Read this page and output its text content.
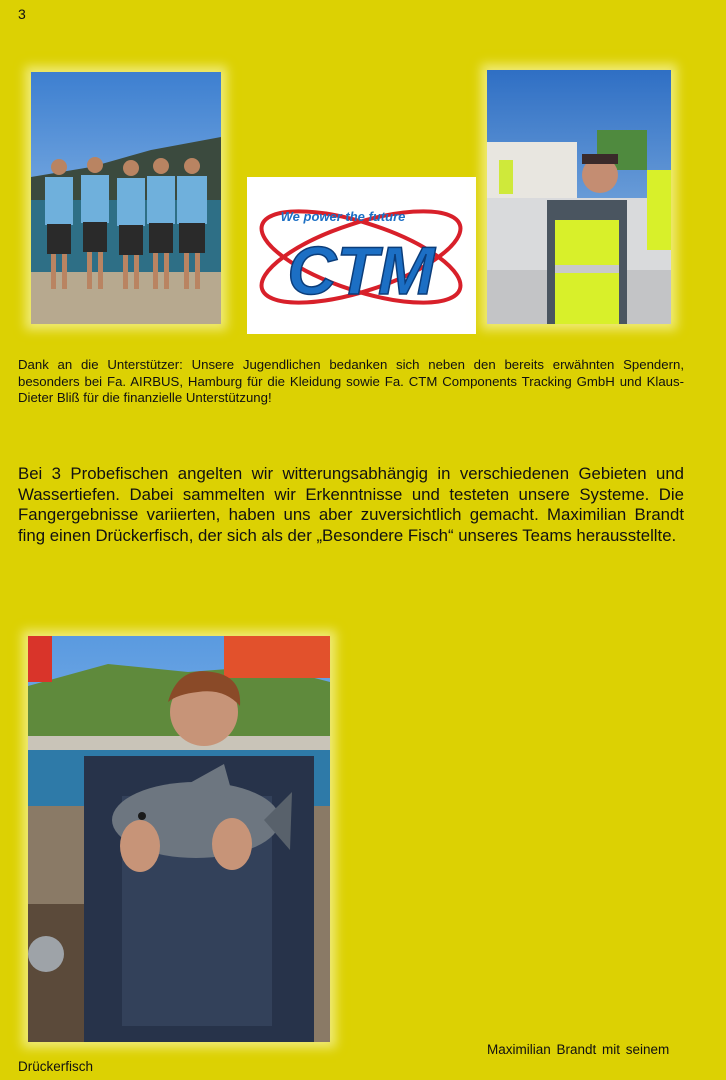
3
We power the future
CTM
Dank an die Unterstützer: Unsere Jugendlichen bedanken sich neben den bereits erwähnten Spendern, besonders bei Fa. AIRBUS, Hamburg für die Kleidung sowie Fa. CTM Components Tracking GmbH und Klaus-Dieter Bliß für die finanzielle Unterstützung!
Bei 3 Probefischen angelten wir witterungsabhängig in verschiedenen Gebieten und Wassertiefen. Dabei sammelten wir Erkenntnisse und testeten unsere Systeme. Die Fangergebnisse variierten, haben uns aber zuversichtlich gemacht. Maximilian Brandt fing einen Drückerfisch, der sich als der „Besondere Fisch“ unseres Teams herausstellte.
Maximilian Brandt mit seinem
Drückerfisch
